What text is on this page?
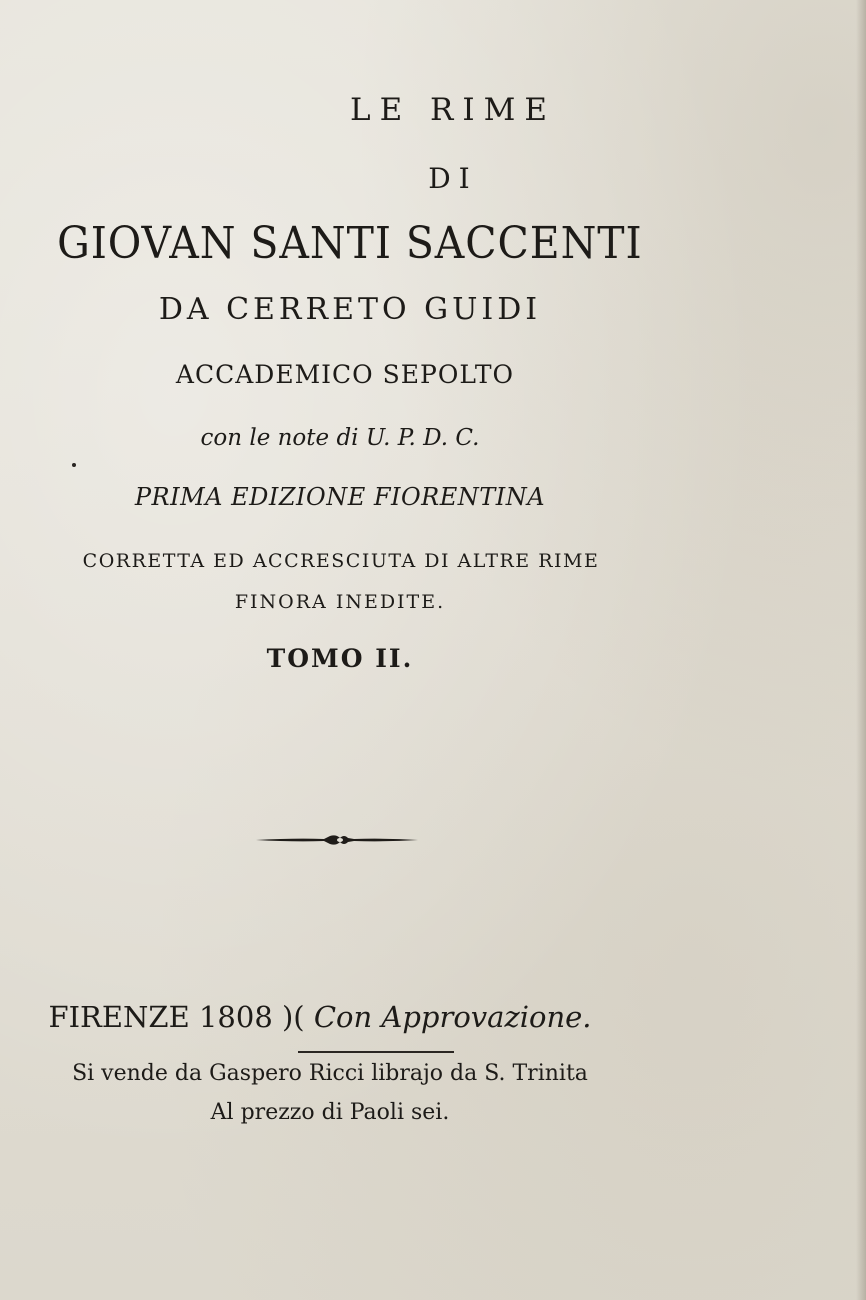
LE RIME
DI
GIOVAN SANTI SACCENTI
DA CERRETO GUIDI
ACCADEMICO SEPOLTO
con le note di U. P. D. C.
PRIMA EDIZIONE FIORENTINA
CORRETTA ED ACCRESCIUTA DI ALTRE RIME
FINORA INEDITE.
TOMO II.
FIRENZE 1808 )( Con Approvazione.
Si vende da Gaspero Ricci librajo da S. Trinita
Al prezzo di Paoli sei.
